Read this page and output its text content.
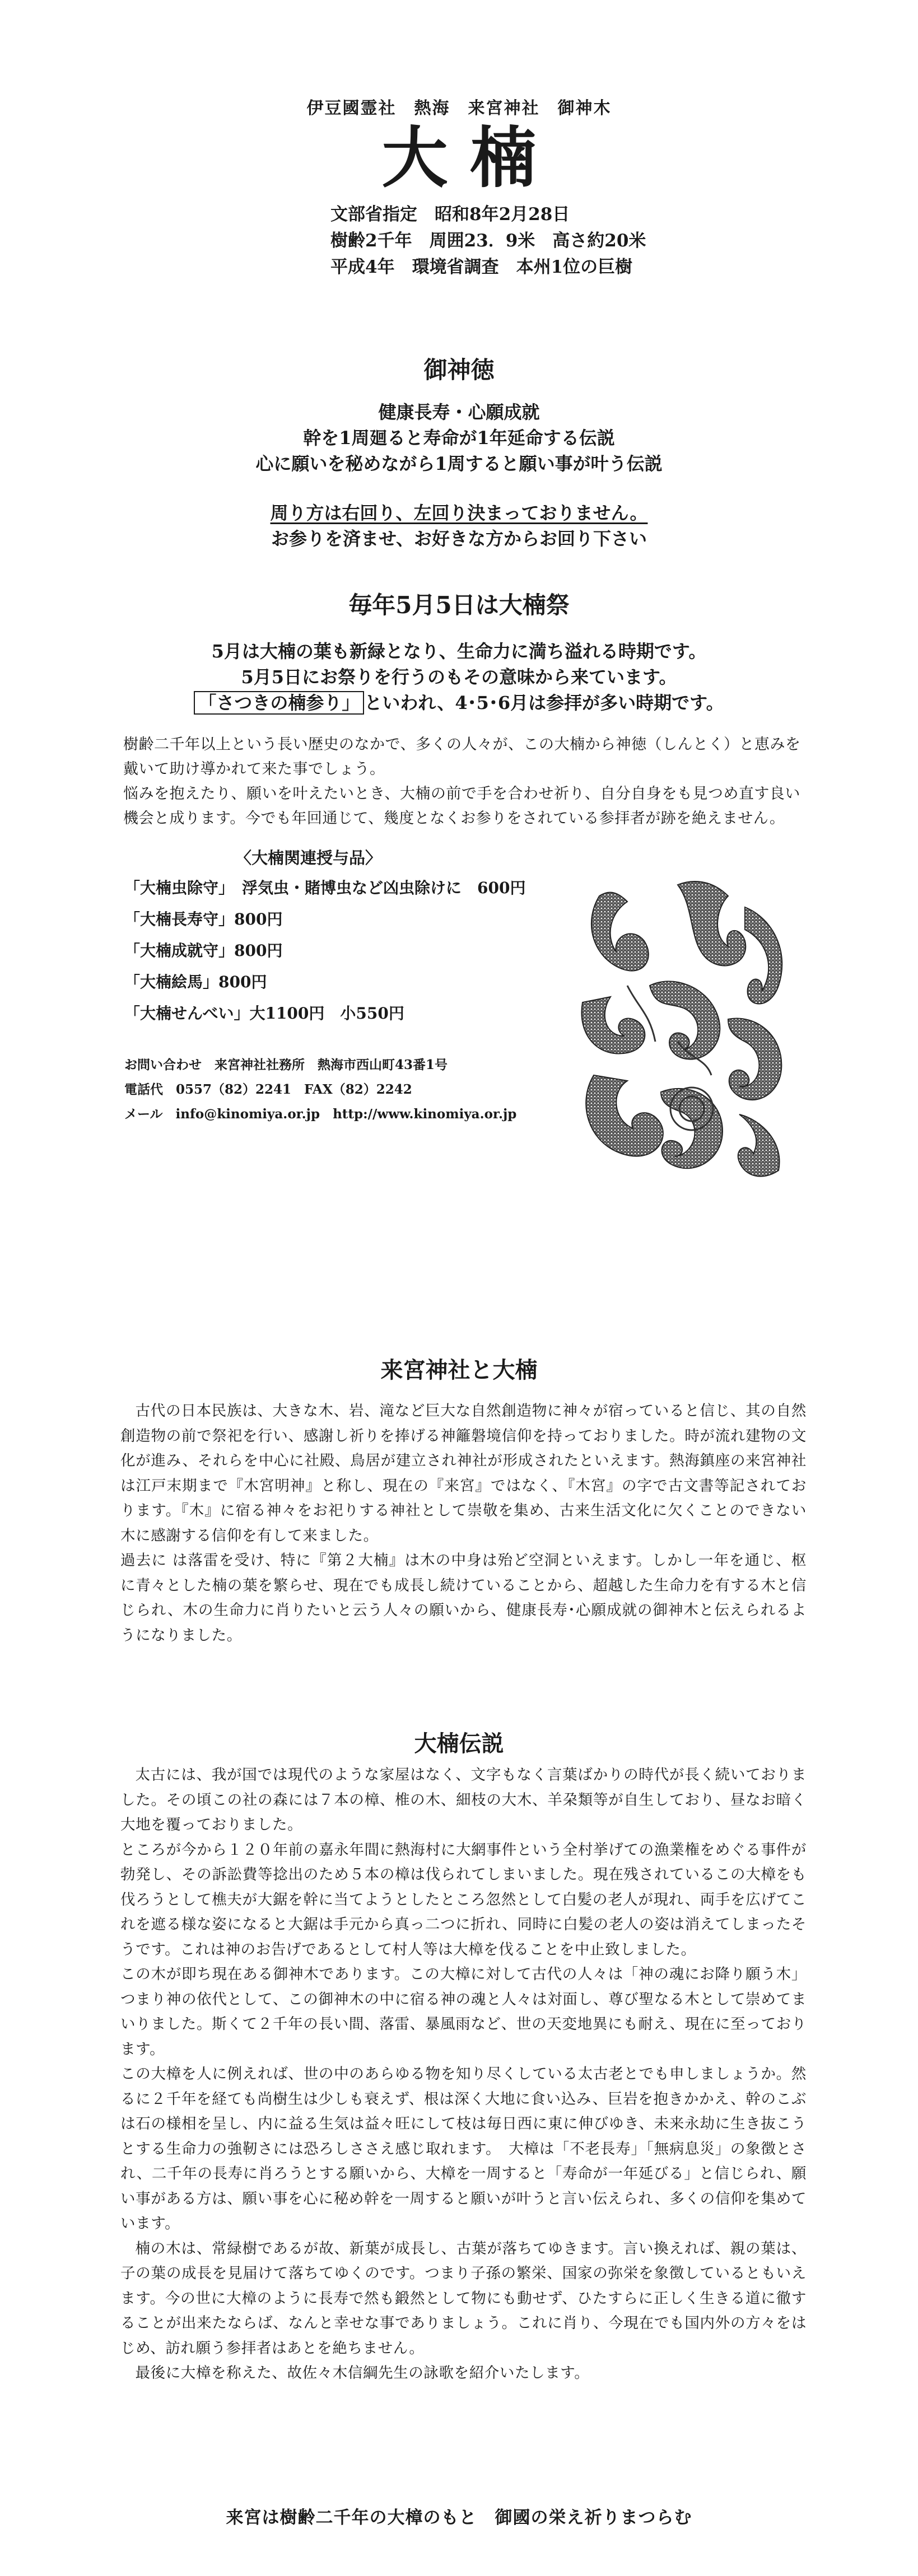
伊豆國霊社　熱海　来宮神社　御神木
大楠
文部省指定　昭和8年2月28日
樹齢2千年　周囲23．9米　高さ約20米
平成4年　環境省調査　本州1位の巨樹
御神徳
健康長寿・心願成就
幹を1周廻ると寿命が1年延命する伝説
心に願いを秘めながら1周すると願い事が叶う伝説
周り方は右回り、左回り決まっておりません。
お参りを済ませ、お好きな方からお回り下さい
毎年5月5日は大楠祭
5月は大楠の葉も新緑となり、生命力に満ち溢れる時期です。
5月5日にお祭りを行うのもその意味から来ています。
「さつきの楠参り」 といわれ、4･5･6月は参拝が多い時期です。

樹齢二千年以上という長い歴史のなかで、多くの人々が、この大楠から神徳（しんとく）と恵みを戴いて助け導かれて来た事でしょう。

悩みを抱えたり、願いを叶えたいとき、大楠の前で手を合わせ祈り、自分自身をも見つめ直す良い機会と成ります。今でも年回通じて、幾度となくお参りをされている参拝者が跡を絶えません。

〈大楠関連授与品〉
「大楠虫除守」　浮気虫・賭博虫など凶虫除けに　600円
「大楠長寿守」800円
「大楠成就守」800円
「大楠絵馬」800円
「大楠せんべい」大1100円　小550円
お問い合わせ　来宮神社社務所　熱海市西山町43番1号
電話代　0557（82）2241　FAX（82）2242
メール　info@kinomiya.or.jp　http://www.kinomiya.or.jp
来宮神社と大楠

古代の日本民族は、大きな木、岩、滝など巨大な自然創造物に神々が宿っていると信じ、其の自然創造物の前で祭祀を行い、感謝し祈りを捧げる神籬磐境信仰を持っておりました。時が流れ建物の文化が進み、それらを中心に社殿、鳥居が建立され神社が形成されたといえます。熱海鎮座の来宮神社は江戸末期まで『木宮明神』と称し、現在の『来宮』ではなく、『木宮』の字で古文書等記されております。『木』に宿る神々をお祀りする神社として崇敬を集め、古来生活文化に欠くことのできない木に感謝する信仰を有して来ました。

過去に は落雷を受け、特に『第２大楠』は木の中身は殆ど空洞といえます。しかし一年を通じ、枢に青々とした楠の葉を繁らせ、現在でも成長し続けていることから、超越した生命力を有する木と信じられ、木の生命力に肖りたいと云う人々の願いから、健康長寿･心願成就の御神木と伝えられるようになりました。

大楠伝説

太古には、我が国では現代のような家屋はなく、文字もなく言葉ばかりの時代が長く続いておりました。その頃この社の森には７本の樟、椎の木、細枝の大木、羊朶類等が自生しており、昼なお暗く大地を覆っておりました。

ところが今から１２０年前の嘉永年間に熱海村に大網事件という全村挙げての漁業権をめぐる事件が勃発し、その訴訟費等捻出のため５本の樟は伐られてしまいました。現在残されているこの大樟をも伐ろうとして樵夫が大鋸を幹に当てようとしたところ忽然として白髪の老人が現れ、両手を広げてこれを遮る様な姿になると大鋸は手元から真っ二つに折れ、同時に白髪の老人の姿は消えてしまったそうです。これは神のお告げであるとして村人等は大樟を伐ることを中止致しました。

この木が即ち現在ある御神木であります。この大樟に対して古代の人々は「神の魂にお降り願う木」つまり神の依代として、この御神木の中に宿る神の魂と人々は対面し、尊び聖なる木として崇めてまいりました。斯くて２千年の長い間、落雷、暴風雨など、世の天変地異にも耐え、現在に至っております。

この大樟を人に例えれば、世の中のあらゆる物を知り尽くしている太古老とでも申しましょうか。然るに２千年を経ても尚樹生は少しも衰えず、根は深く大地に食い込み、巨岩を抱きかかえ、幹のこぶは石の様相を呈し、内に益る生気は益々旺にして枝は毎日西に東に伸びゆき、未来永劫に生き抜こうとする生命力の強靭さには恐ろしささえ感じ取れます。　大樟は「不老長寿」「無病息災」の象徴とされ、二千年の長寿に肖ろうとする願いから、大樟を一周すると「寿命が一年延びる」と信じられ、願い事がある方は、願い事を心に秘め幹を一周すると願いが叶うと言い伝えられ、多くの信仰を集めています。

楠の木は、常緑樹であるが故、新葉が成長し、古葉が落ちてゆきます。言い換えれば、親の葉は、子の葉の成長を見届けて落ちてゆくのです。つまり子孫の繁栄、国家の弥栄を象徴しているともいえます。今の世に大樟のように長寿で然も鍛然として物にも動せず、ひたすらに正しく生きる道に徹することが出来たならば、なんと幸せな事でありましょう。これに肖り、今現在でも国内外の方々をはじめ、訪れ願う参拝者はあとを絶ちません。

最後に大樟を称えた、故佐々木信綱先生の詠歌を紹介いたします。

来宮は樹齢二千年の大樟のもと　御國の栄え祈りまつらむ
